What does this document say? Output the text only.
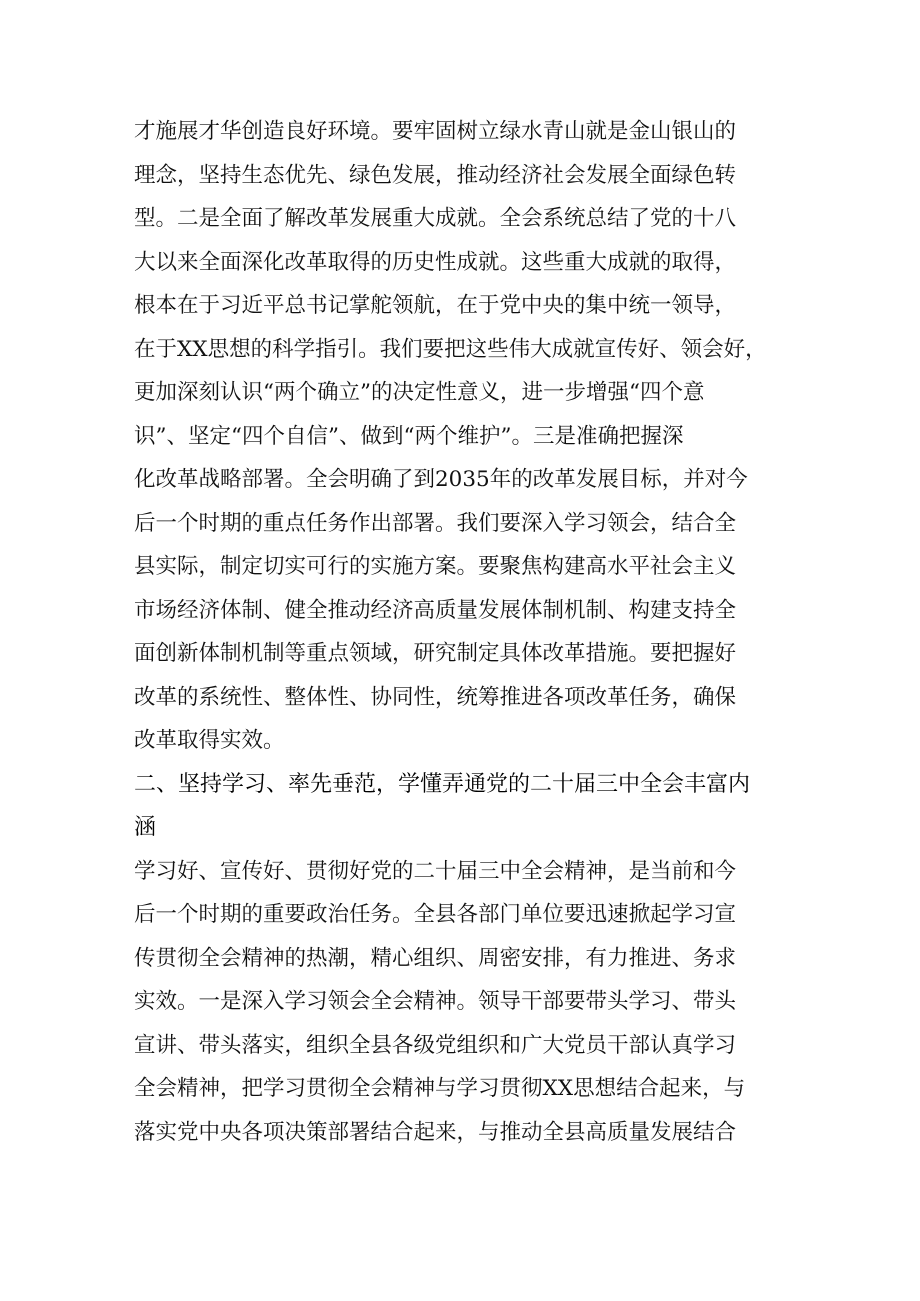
才施展才华创造良好环境。要牢固树立绿水青山就是金山银山的
理念，坚持生态优先、绿色发展，推动经济社会发展全面绿色转
型。二是全面了解改革发展重大成就。全会系统总结了党的十八
大以来全面深化改革取得的历史性成就。这些重大成就的取得，
根本在于习近平总书记掌舵领航，在于党中央的集中统一领导，
在于XX思想的科学指引。我们要把这些伟大成就宣传好、领会好，
更加深刻认识“两个确立”的决定性意义，进一步增强“四个意
识”、坚定“四个自信”、做到“两个维护”。三是准确把握深
化改革战略部署。全会明确了到2035年的改革发展目标，并对今
后一个时期的重点任务作出部署。我们要深入学习领会，结合全
县实际，制定切实可行的实施方案。要聚焦构建高水平社会主义
市场经济体制、健全推动经济高质量发展体制机制、构建支持全
面创新体制机制等重点领域，研究制定具体改革措施。要把握好
改革的系统性、整体性、协同性，统筹推进各项改革任务，确保
改革取得实效。
二、坚持学习、率先垂范，学懂弄通党的二十届三中全会丰富内
涵
学习好、宣传好、贯彻好党的二十届三中全会精神，是当前和今
后一个时期的重要政治任务。全县各部门单位要迅速掀起学习宣
传贯彻全会精神的热潮，精心组织、周密安排，有力推进、务求
实效。一是深入学习领会全会精神。领导干部要带头学习、带头
宣讲、带头落实，组织全县各级党组织和广大党员干部认真学习
全会精神，把学习贯彻全会精神与学习贯彻XX思想结合起来，与
落实党中央各项决策部署结合起来，与推动全县高质量发展结合
